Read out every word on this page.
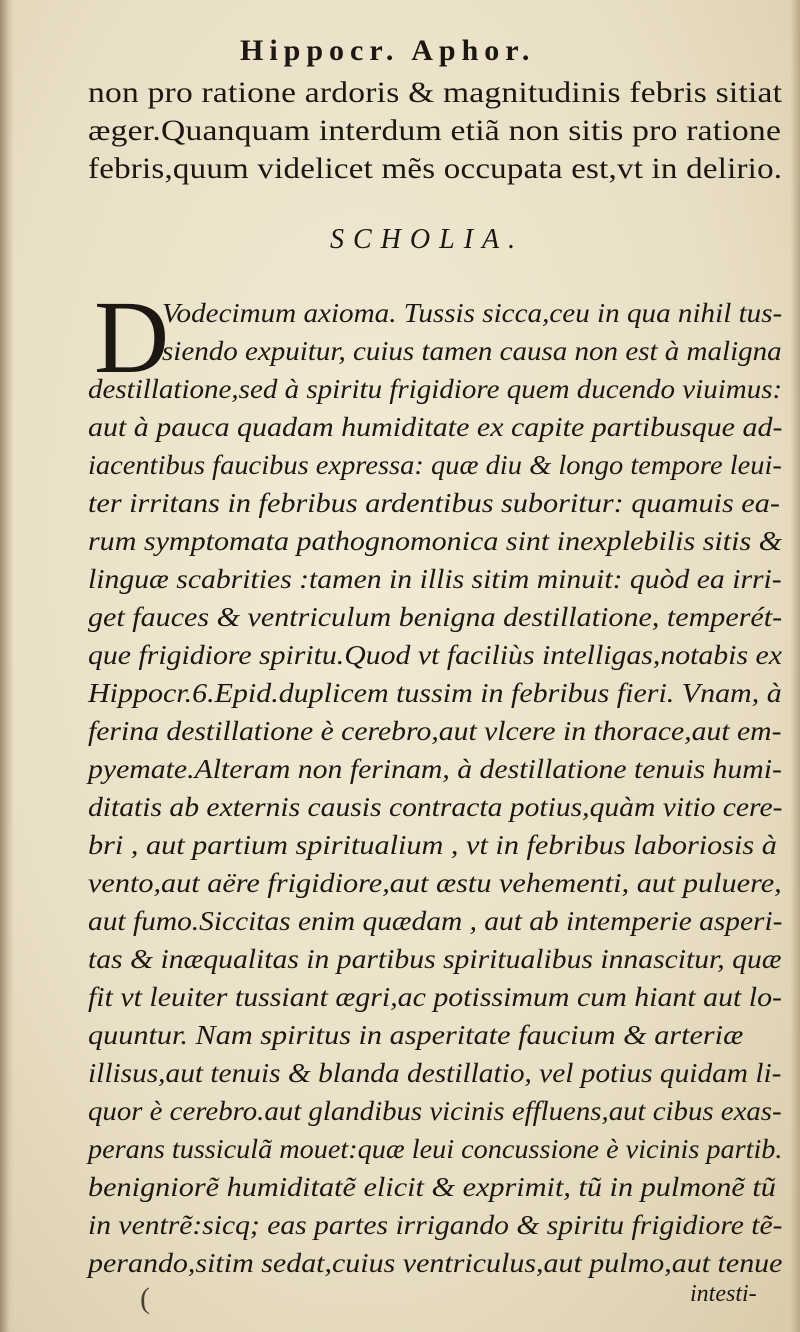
Hippocr. Aphor.
non pro ratione ardoris & magnitudinis febris sitiat
æger.Quanquam interdum etiã non sitis pro ratione
febris,quum videlicet mẽs occupata est,vt in delirio.
SCHOLIA.
D
Vodecimum axioma. Tussis sicca,ceu in qua nihil tus-
siendo expuitur, cuius tamen causa non est à maligna
destillatione,sed à spiritu frigidiore quem ducendo viuimus:
aut à pauca quadam humiditate ex capite partibusque ad-
iacentibus faucibus expressa: quæ diu & longo tempore leui-
ter irritans in febribus ardentibus suboritur: quamuis ea-
rum symptomata pathognomonica sint inexplebilis sitis &
linguæ scabrities :tamen in illis sitim minuit: quòd ea irri-
get fauces & ventriculum benigna destillatione, temperét-
que frigidiore spiritu.Quod vt faciliùs intelligas,notabis ex
Hippocr.6.Epid.duplicem tussim in febribus fieri. Vnam, à
ferina destillatione è cerebro,aut vlcere in thorace,aut em-
pyemate.Alteram non ferinam, à destillatione tenuis humi-
ditatis ab externis causis contracta potius,quàm vitio cere-
bri , aut partium spiritualium , vt in febribus laboriosis à
vento,aut aëre frigidiore,aut æstu vehementi, aut puluere,
aut fumo.Siccitas enim quædam , aut ab intemperie asperi-
tas & inæqualitas in partibus spiritualibus innascitur, quæ
fit vt leuiter tussiant ægri,ac potissimum cum hiant aut lo-
quuntur. Nam spiritus in asperitate faucium & arteriæ
illisus,aut tenuis & blanda destillatio, vel potius quidam li-
quor è cerebro.aut glandibus vicinis effluens,aut cibus exas-
perans tussiculã mouet:quæ leui concussione è vicinis partib.
benigniorẽ humiditatẽ elicit & exprimit, tũ in pulmonẽ tũ
in ventrẽ:sicq; eas partes irrigando & spiritu frigidiore tẽ-
perando,sitim sedat,cuius ventriculus,aut pulmo,aut tenue
intesti-
(
